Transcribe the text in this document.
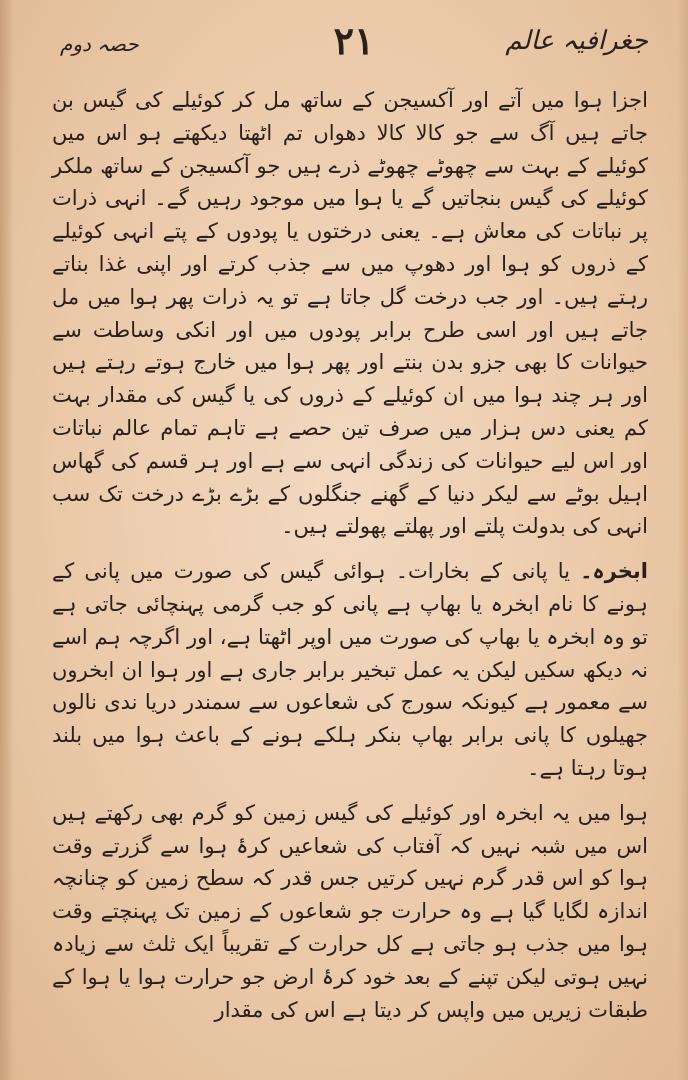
جغرافیہ عالم
۲۱
حصہ دوم

اجزا ہوا میں آتے اور آکسیجن کے ساتھ مل کر کوئیلے کی گیس بن جاتے ہیں آگ سے جو کالا کالا دھواں تم اٹھتا دیکھتے ہو اس میں کوئیلے کے بہت سے چھوٹے چھوٹے ذرے ہیں جو آکسیجن کے ساتھ ملکر کوئیلے کی گیس بنجاتیں گے یا ہوا میں موجود رہیں گے۔ انہی ذرات پر نباتات کی معاش ہے۔ یعنی درختوں یا پودوں کے پتے انہی کوئیلے کے ذروں کو ہوا اور دھوپ میں سے جذب کرتے اور اپنی غذا بناتے رہتے ہیں۔ اور جب درخت گل جاتا ہے تو یہ ذرات پھر ہوا میں مل جاتے ہیں اور اسی طرح برابر پودوں میں اور انکی وساطت سے حیوانات کا بھی جزو بدن بنتے اور پھر ہوا میں خارج ہوتے رہتے ہیں اور ہر چند ہوا میں ان کوئیلے کے ذروں کی یا گیس کی مقدار بہت کم یعنی دس ہزار میں صرف تین حصے ہے تاہم تمام عالم نباتات اور اس لیے حیوانات کی زندگی انہی سے ہے اور ہر قسم کی گھاس اہیل بوٹے سے لیکر دنیا کے گھنے جنگلوں کے بڑے بڑے درخت تک سب انہی کی بدولت پلتے اور پھلتے پھولتے ہیں۔

ابخرہ۔ یا پانی کے بخارات۔ ہوائی گیس کی صورت میں پانی کے ہونے کا نام ابخرہ یا بھاپ ہے پانی کو جب گرمی پہنچائی جاتی ہے تو وہ ابخرہ یا بھاپ کی صورت میں اوپر اٹھتا ہے، اور اگرچہ ہم اسے نہ دیکھ سکیں لیکن یہ عمل تبخیر برابر جاری ہے اور ہوا ان ابخروں سے معمور ہے کیونکہ سورج کی شعاعوں سے سمندر دریا ندی نالوں جھیلوں کا پانی برابر بھاپ بنکر ہلکے ہونے کے باعث ہوا میں بلند ہوتا رہتا ہے۔

ہوا میں یہ ابخرہ اور کوئیلے کی گیس زمین کو گرم بھی رکھتے ہیں اس میں شبہ نہیں کہ آفتاب کی شعاعیں کرۂ ہوا سے گزرتے وقت ہوا کو اس قدر گرم نہیں کرتیں جس قدر کہ سطح زمین کو چنانچہ اندازہ لگایا گیا ہے وہ حرارت جو شعاعوں کے زمین تک پہنچتے وقت ہوا میں جذب ہو جاتی ہے کل حرارت کے تقریباً ایک ثلث سے زیادہ نہیں ہوتی لیکن تپنے کے بعد خود کرۂ ارض جو حرارت ہوا یا ہوا کے طبقات زیریں میں واپس کر دیتا ہے اس کی مقدار
